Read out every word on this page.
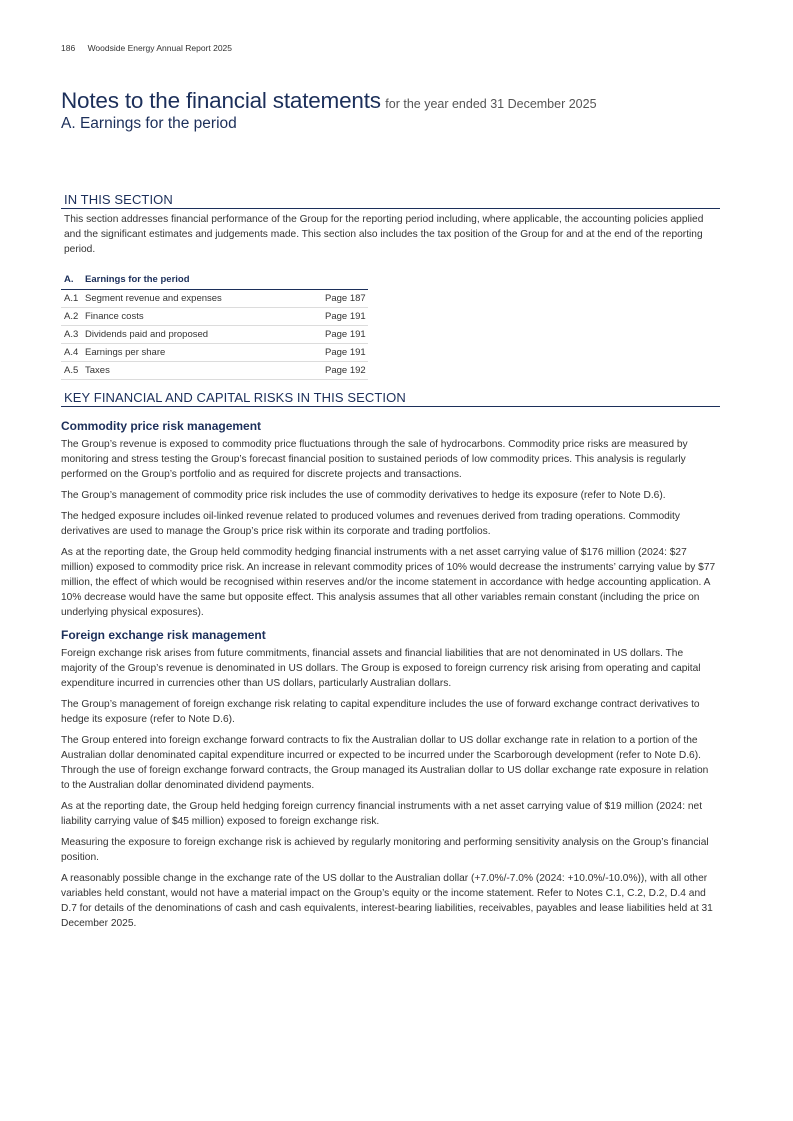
186 Woodside Energy Annual Report 2025
Notes to the financial statements for the year ended 31 December 2025
A. Earnings for the period
IN THIS SECTION
This section addresses financial performance of the Group for the reporting period including, where applicable, the accounting policies applied and the significant estimates and judgements made. This section also includes the tax position of the Group for and at the end of the reporting period.
A. Earnings for the period
A.1 Segment revenue and expenses	Page 187
A.2 Finance costs	Page 191
A.3 Dividends paid and proposed	Page 191
A.4 Earnings per share	Page 191
A.5 Taxes	Page 192
KEY FINANCIAL AND CAPITAL RISKS IN THIS SECTION
Commodity price risk management

The Group’s revenue is exposed to commodity price fluctuations through the sale of hydrocarbons. Commodity price risks are measured by monitoring and stress testing the Group’s forecast financial position to sustained periods of low commodity prices. This analysis is regularly performed on the Group’s portfolio and as required for discrete projects and transactions.

The Group’s management of commodity price risk includes the use of commodity derivatives to hedge its exposure (refer to Note D.6).

The hedged exposure includes oil-linked revenue related to produced volumes and revenues derived from trading operations. Commodity derivatives are used to manage the Group’s price risk within its corporate and trading portfolios.

As at the reporting date, the Group held commodity hedging financial instruments with a net asset carrying value of $176 million (2024: $27 million) exposed to commodity price risk. An increase in relevant commodity prices of 10% would decrease the instruments’ carrying value by $77 million, the effect of which would be recognised within reserves and/or the income statement in accordance with hedge accounting application. A 10% decrease would have the same but opposite effect. This analysis assumes that all other variables remain constant (including the price on underlying physical exposures).

Foreign exchange risk management

Foreign exchange risk arises from future commitments, financial assets and financial liabilities that are not denominated in US dollars. The majority of the Group’s revenue is denominated in US dollars. The Group is exposed to foreign currency risk arising from operating and capital expenditure incurred in currencies other than US dollars, particularly Australian dollars.

The Group’s management of foreign exchange risk relating to capital expenditure includes the use of forward exchange contract derivatives to hedge its exposure (refer to Note D.6).

The Group entered into foreign exchange forward contracts to fix the Australian dollar to US dollar exchange rate in relation to a portion of the Australian dollar denominated capital expenditure incurred or expected to be incurred under the Scarborough development (refer to Note D.6). Through the use of foreign exchange forward contracts, the Group managed its Australian dollar to US dollar exchange rate exposure in relation to the Australian dollar denominated dividend payments.

As at the reporting date, the Group held hedging foreign currency financial instruments with a net asset carrying value of $19 million (2024: net liability carrying value of $45 million) exposed to foreign exchange risk.

Measuring the exposure to foreign exchange risk is achieved by regularly monitoring and performing sensitivity analysis on the Group’s financial position.

A reasonably possible change in the exchange rate of the US dollar to the Australian dollar (+7.0%/-7.0% (2024: +10.0%/-10.0%)), with all other variables held constant, would not have a material impact on the Group’s equity or the income statement. Refer to Notes C.1, C.2, D.2, D.4 and D.7 for details of the denominations of cash and cash equivalents, interest-bearing liabilities, receivables, payables and lease liabilities held at 31 December 2025.
